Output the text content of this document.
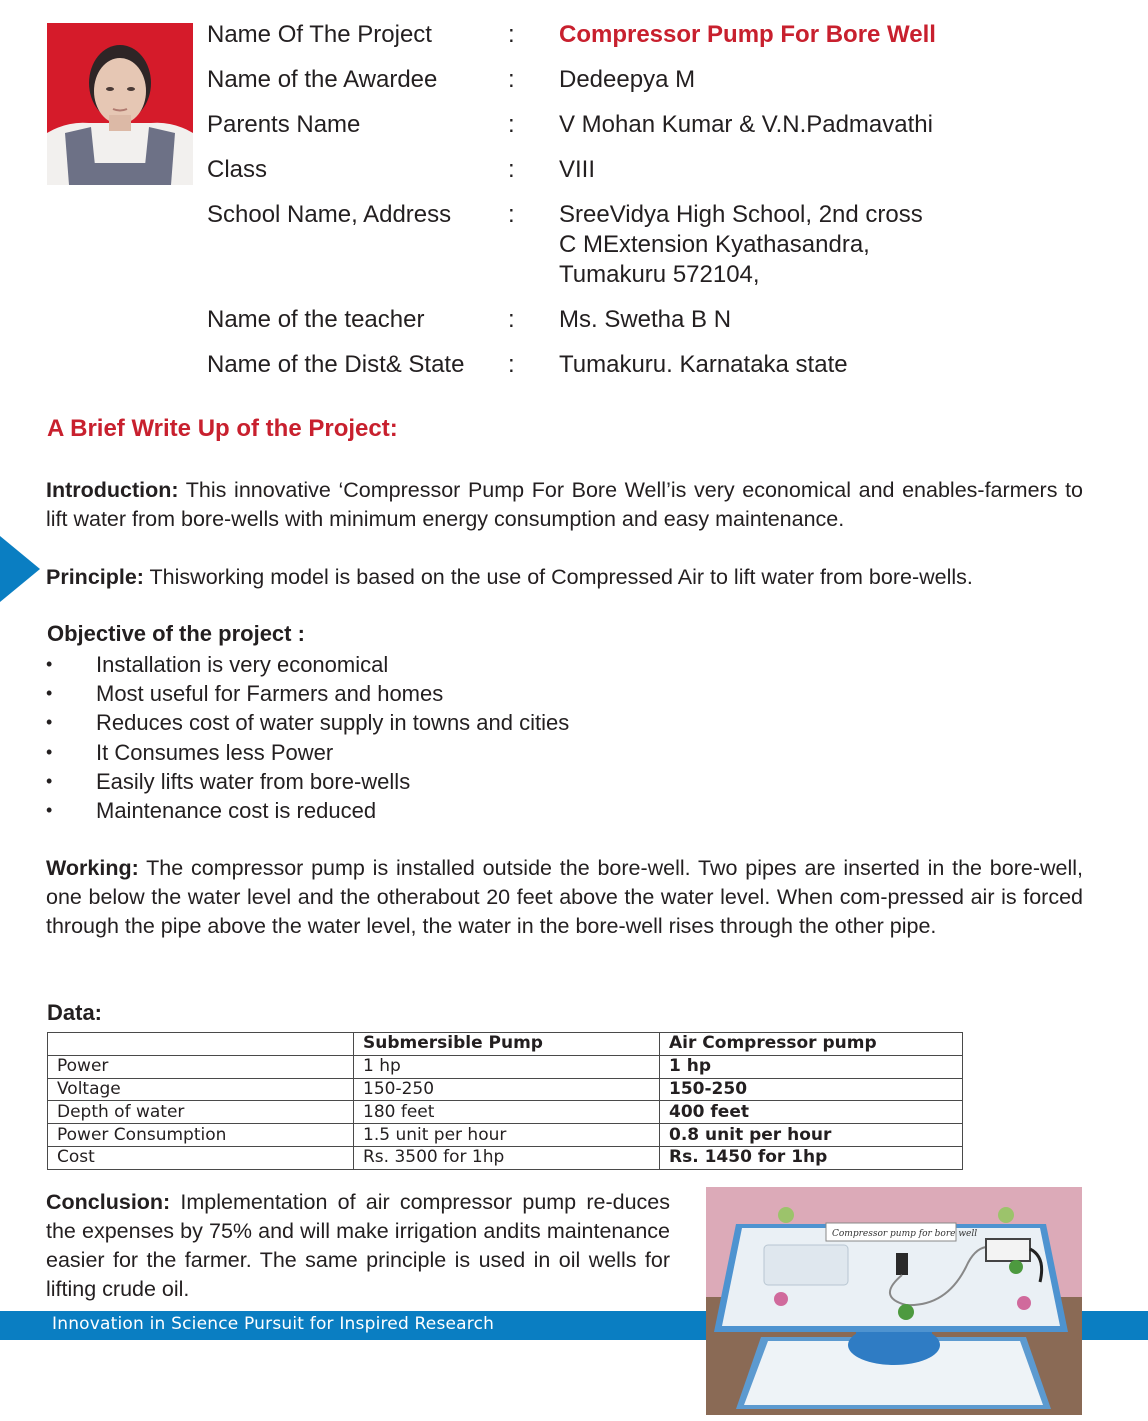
Name Of The Project	: Compressor Pump For Bore Well
Name of the Awardee	: Dedeepya M
Parents Name	: V Mohan Kumar & V.N.Padmavathi
Class	: VIII
School Name, Address : SreeVidya High School, 2nd cross
C MExtension Kyathasandra,
Tumakuru 572104,
Name of the teacher	: Ms. Swetha B N
Name of the Dist& State : Tumakuru. Karnataka state
A Brief Write Up of the Project:
Introduction: This innovative ‘Compressor Pump For Bore Well’is very economical and enables-farmers to lift water from bore-wells with minimum energy consumption and easy maintenance.
Principle: Thisworking model is based on the use of Compressed Air to lift water from bore-wells.
Objective of the project :
• Installation is very economical
• Most useful for Farmers and homes
• Reduces cost of water supply in towns and cities
• It Consumes less Power
• Easily lifts water from bore-wells
• Maintenance cost is reduced
Working: The compressor pump is installed outside the bore-well. Two pipes are inserted in the bore-well, one below the water level and the otherabout 20 feet above the water level. When com-pressed air is forced through the pipe above the water level, the water in the bore-well rises through the other pipe.
Data:
	Submersible Pump	Air Compressor pump
Power	1 hp	1 hp
Voltage	150-250	150-250
Depth of water	180 feet	400 feet
Power Consumption	1.5 unit per hour	0.8 unit per hour
Cost	Rs. 3500 for 1hp	Rs. 1450 for 1hp
Conclusion: Implementation of air compressor pump re-duces the expenses by 75% and will make irrigation andits maintenance easier for the farmer. The same principle is used in oil wells for lifting crude oil.
Innovation in Science Pursuit for Inspired Research
Compressor pump for bore well
